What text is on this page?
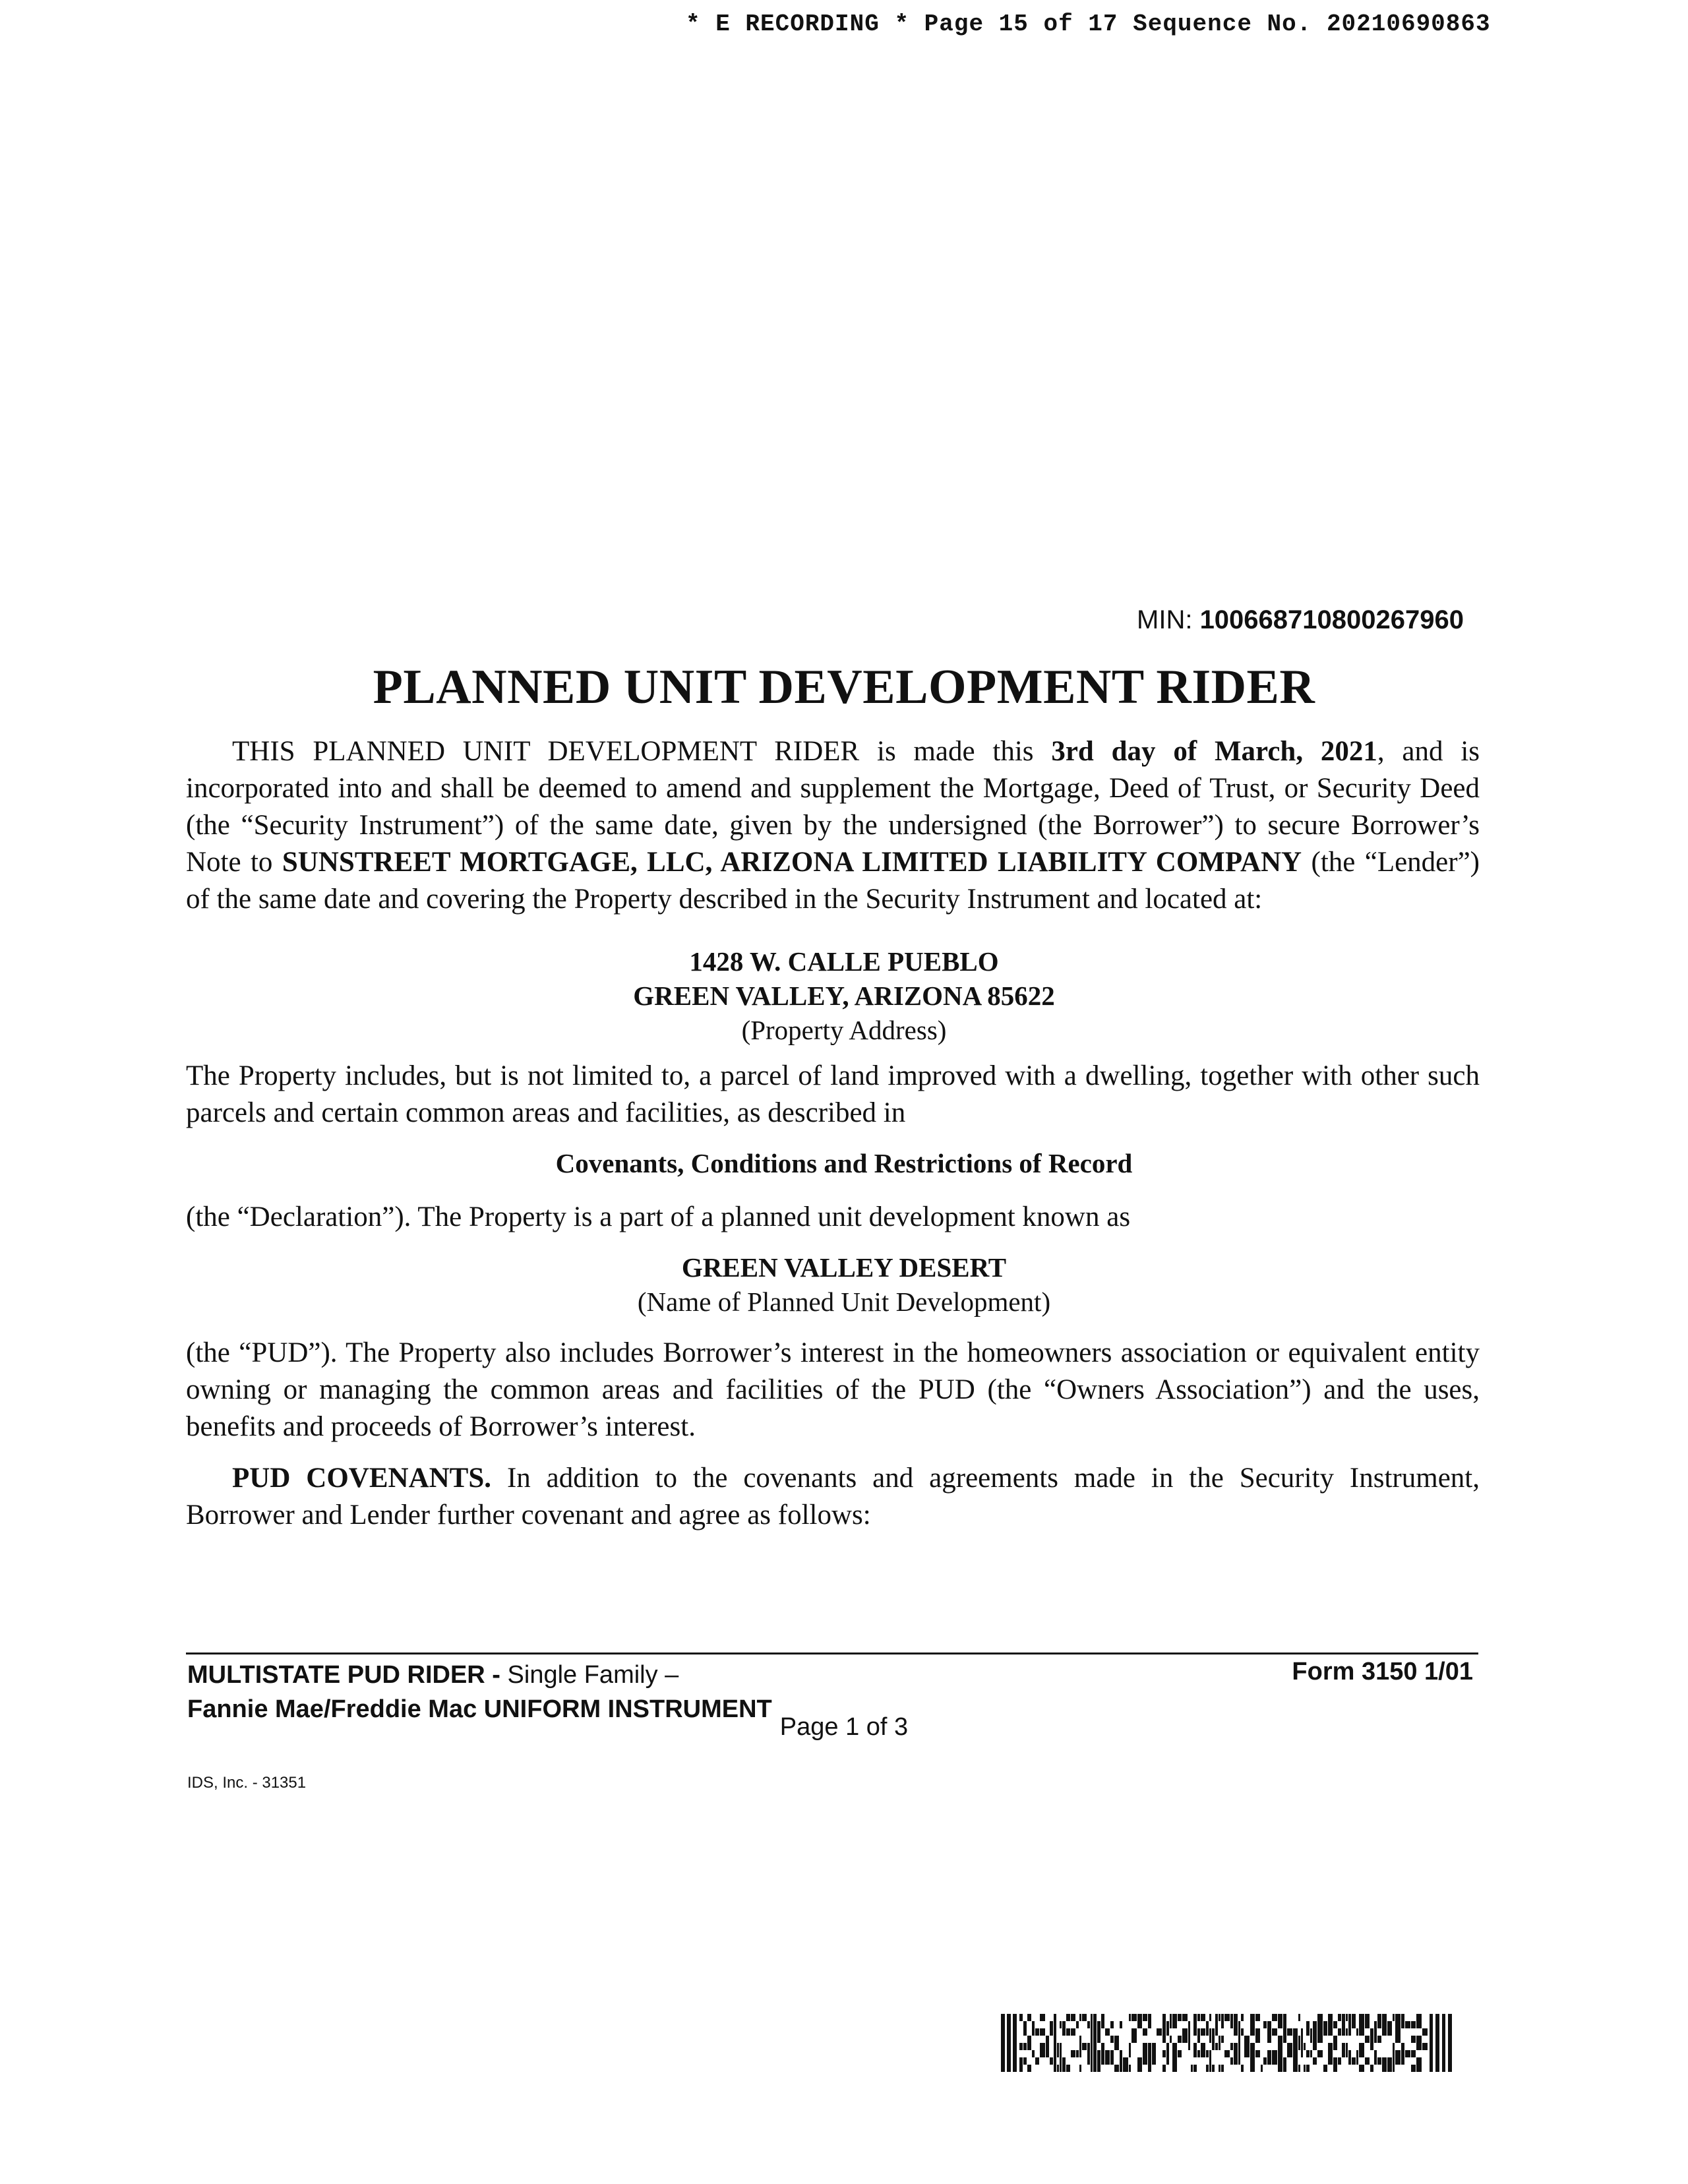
* E RECORDING * Page 15 of 17 Sequence No. 20210690863
MIN: 100668710800267960
PLANNED UNIT DEVELOPMENT RIDER
THIS PLANNED UNIT DEVELOPMENT RIDER is made this 3rd day of March, 2021, and is incorporated into and shall be deemed to amend and supplement the Mortgage, Deed of Trust, or Security Deed (the “Security Instrument”) of the same date, given by the undersigned (the Borrower”) to secure Borrower’s Note to SUNSTREET MORTGAGE, LLC, ARIZONA LIMITED LIABILITY COMPANY (the “Lender”) of the same date and covering the Property described in the Security Instrument and located at:
1428 W. CALLE PUEBLO
GREEN VALLEY, ARIZONA 85622
(Property Address)
The Property includes, but is not limited to, a parcel of land improved with a dwelling, together with other such parcels and certain common areas and facilities, as described in
Covenants, Conditions and Restrictions of Record
(the “Declaration”). The Property is a part of a planned unit development known as
GREEN VALLEY DESERT
(Name of Planned Unit Development)
(the “PUD”). The Property also includes Borrower’s interest in the homeowners association or equivalent entity owning or managing the common areas and facilities of the PUD (the “Owners Association”) and the uses, benefits and proceeds of Borrower’s interest.
PUD COVENANTS. In addition to the covenants and agreements made in the Security Instrument, Borrower and Lender further covenant and agree as follows:
MULTISTATE PUD RIDER - Single Family –
Fannie Mae/Freddie Mac UNIFORM INSTRUMENT
Form 3150 1/01
Page 1 of 3
IDS, Inc. - 31351
